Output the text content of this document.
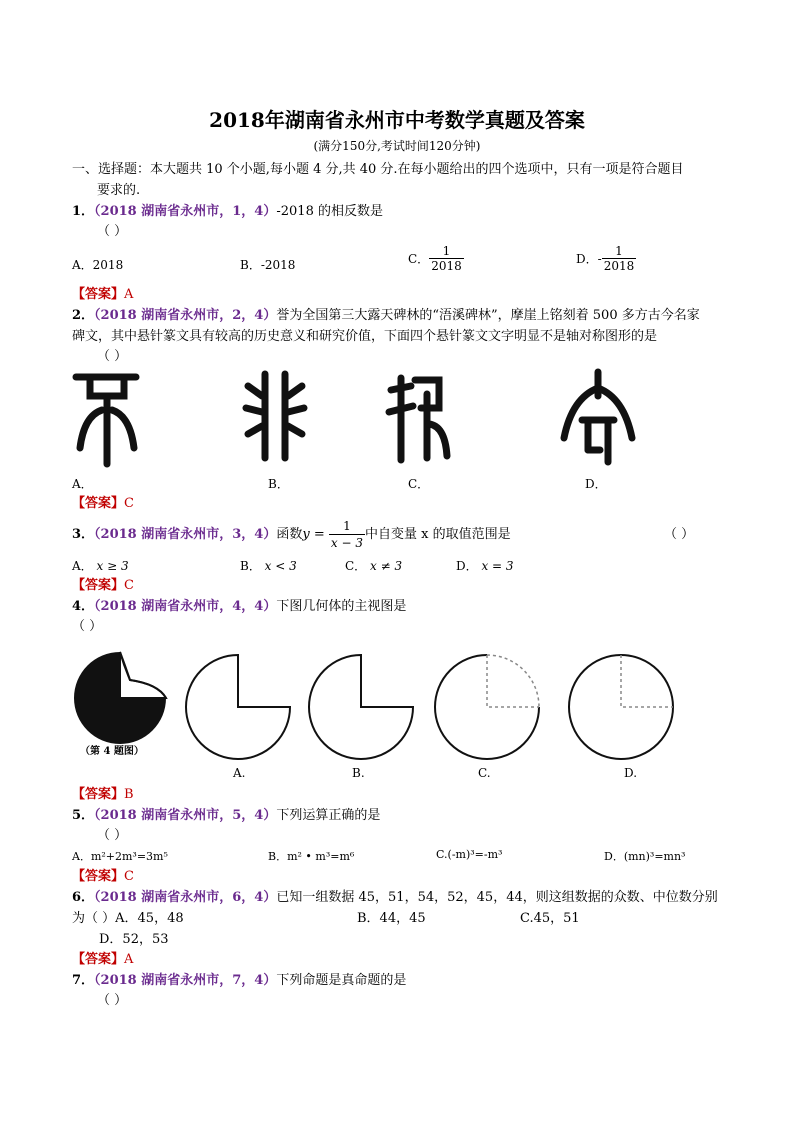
2018年湖南省永州市中考数学真题及答案
(满分150分,考试时间120分钟)
一、选择题：本大题共 10 个小题,每小题 4 分,共 40 分.在每小题给出的四个选项中，只有一项是符合题目
要求的.
1．（2018 湖南省永州市，1，4）-2018 的相反数是
（ ）
A．2018	B．-2018	C． $\frac{1}{2018}$	D．- $\frac{1}{2018}$
【答案】A
2．（2018 湖南省永州市，2，4）誉为全国第三大露天碑林的“浯溪碑林”，摩崖上铭刻着 500 多方古今名家
碑文，其中悬针篆文具有较高的历史意义和研究价值，下面四个悬针篆文文字明显不是轴对称图形的是
（ ）
A．	B．	C．	D．
【答案】C
3．（2018 湖南省永州市，3，4）函数$y = \frac{1}{x - 3}$ 中自变量 x 的取值范围是	（ ）
A． x ≥ 3	B． x < 3	C． x ≠ 3	D． x = 3
【答案】C
4．（2018 湖南省永州市，4，4）下图几何体的主视图是
（ ）
（第 4 题图）
A.	B.	C.	D.
【答案】B
5．（2018 湖南省永州市，5，4）下列运算正确的是
（ ）
A．m²+2m³=3m⁵	B．m² • m³=m⁶	C.(-m)³=-m³	D．(mn)³=mn³
【答案】C
6．（2018 湖南省永州市，6，4）已知一组数据 45，51，54，52，45，44，则这组数据的众数、中位数分别
为（ ）A．45，48	B．44，45	C.45，51
D．52，53
【答案】A
7．（2018 湖南省永州市，7，4）下列命题是真命题的是
（ ）
